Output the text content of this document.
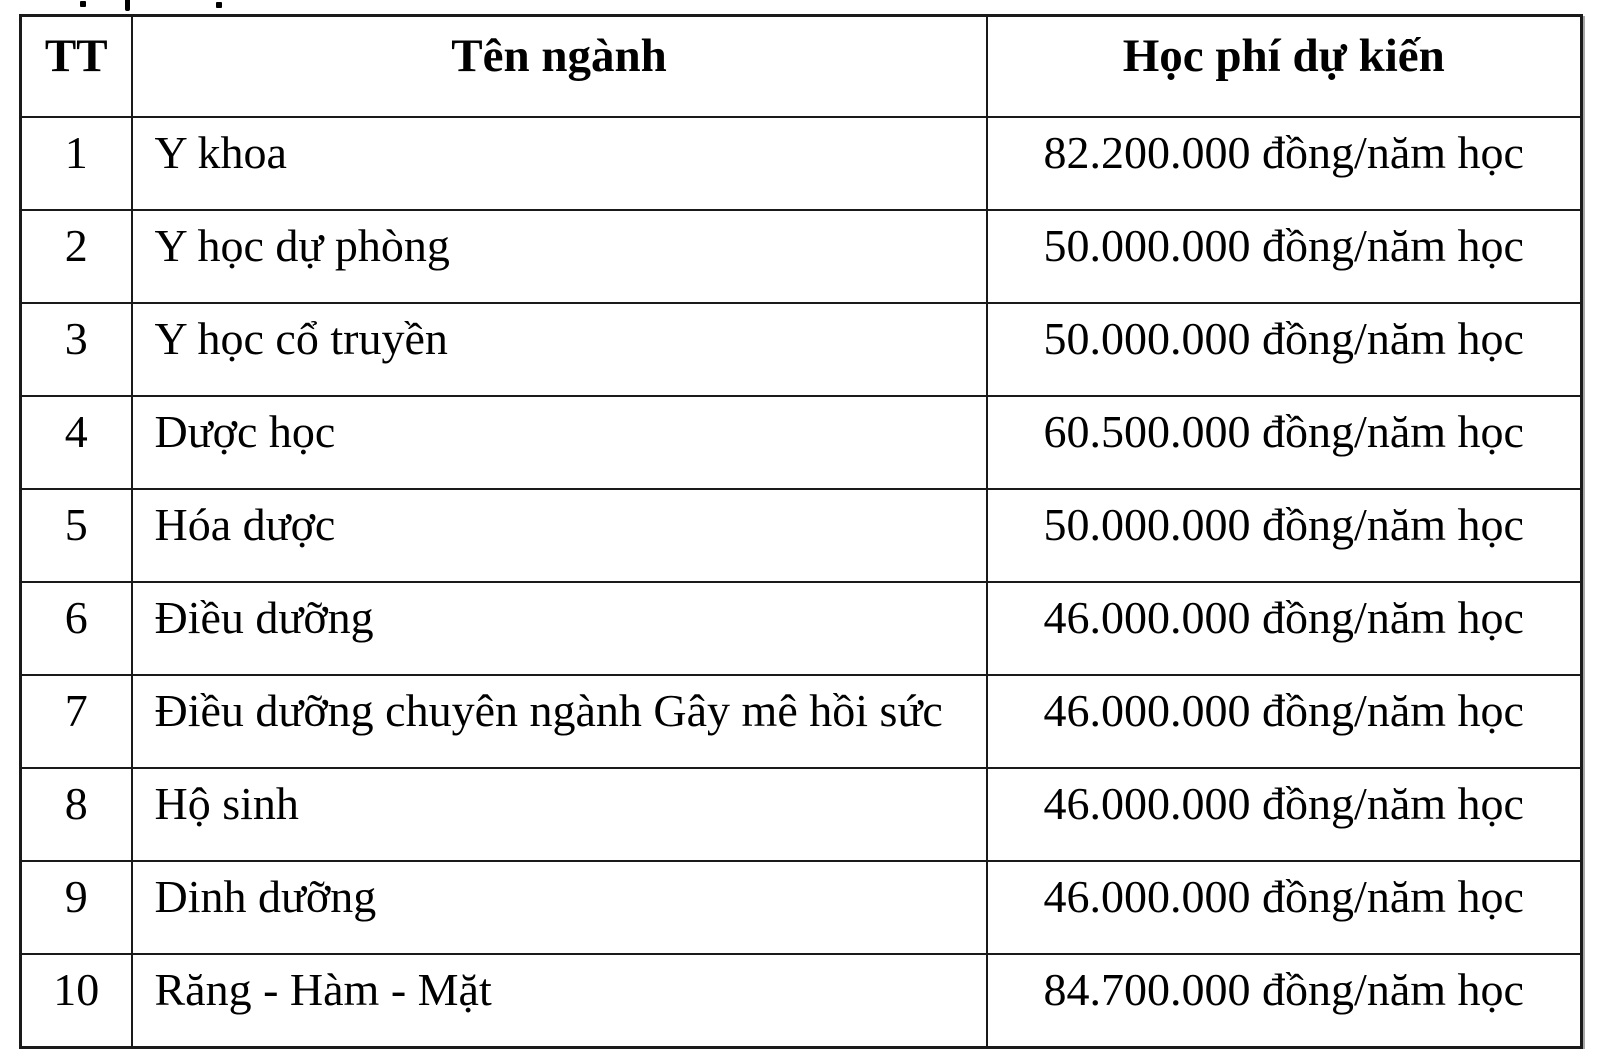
TT	Tên ngành	Học phí dự kiến
1	Y khoa	82.200.000 đồng/năm học
2	Y học dự phòng	50.000.000 đồng/năm học
3	Y học cổ truyền	50.000.000 đồng/năm học
4	Dược học	60.500.000 đồng/năm học
5	Hóa dược	50.000.000 đồng/năm học
6	Điều dưỡng	46.000.000 đồng/năm học
7	Điều dưỡng chuyên ngành Gây mê hồi sức	46.000.000 đồng/năm học
8	Hộ sinh	46.000.000 đồng/năm học
9	Dinh dưỡng	46.000.000 đồng/năm học
10	Răng - Hàm - Mặt	84.700.000 đồng/năm học
